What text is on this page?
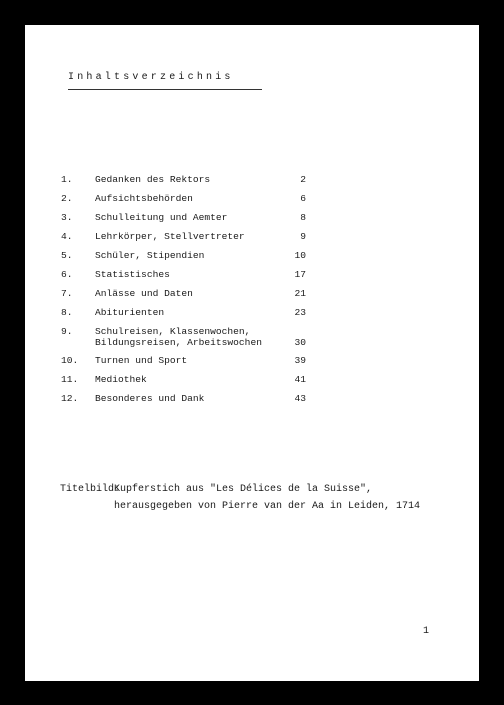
Inhaltsverzeichnis
1. Gedanken des Rektors	2
2. Aufsichtsbehörden	6
3. Schulleitung und Aemter	8
4. Lehrkörper, Stellvertreter	9
5. Schüler, Stipendien	10
6. Statistisches	17
7. Anlässe und Daten	21
8. Abiturienten	23
9. Schulreisen, Klassenwochen,
Bildungsreisen, Arbeitswochen	30
10. Turnen und Sport	39
11. Mediothek	41
12. Besonderes und Dank	43
Titelbild:
Kupferstich aus "Les Délices de la Suisse",
herausgegeben von Pierre van der Aa in Leiden, 1714
1
